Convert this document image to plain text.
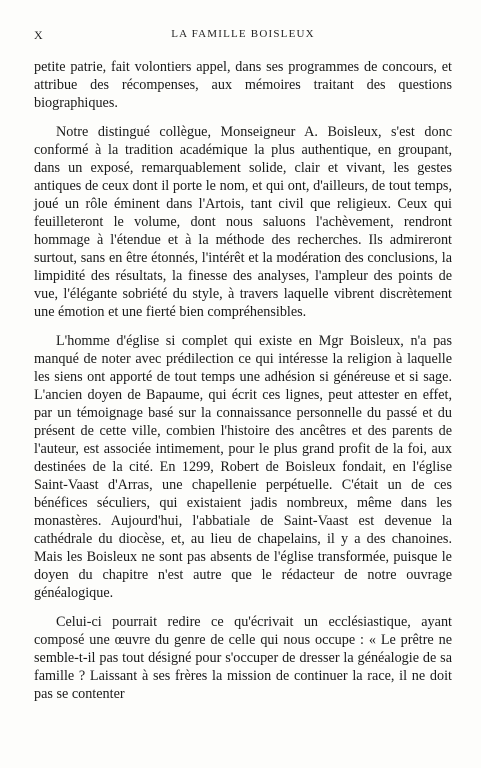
X	LA FAMILLE BOISLEUX

petite patrie, fait volontiers appel, dans ses programmes de concours, et attribue des récompenses, aux mémoires traitant des questions biographiques.

Notre distingué collègue, Monseigneur A. Boisleux, s'est donc conformé à la tradition académique la plus authentique, en groupant, dans un exposé, remarquablement solide, clair et vivant, les gestes antiques de ceux dont il porte le nom, et qui ont, d'ailleurs, de tout temps, joué un rôle éminent dans l'Artois, tant civil que religieux. Ceux qui feuilleteront le volume, dont nous saluons l'achèvement, rendront hommage à l'étendue et à la méthode des recherches. Ils admireront surtout, sans en être étonnés, l'intérêt et la modération des conclusions, la limpidité des résultats, la finesse des analyses, l'ampleur des points de vue, l'élégante sobriété du style, à travers laquelle vibrent discrètement une émotion et une fierté bien compréhensibles.

L'homme d'église si complet qui existe en Mgr Boisleux, n'a pas manqué de noter avec prédilection ce qui intéresse la religion à laquelle les siens ont apporté de tout temps une adhésion si généreuse et si sage. L'ancien doyen de Bapaume, qui écrit ces lignes, peut attester en effet, par un témoignage basé sur la connaissance personnelle du passé et du présent de cette ville, combien l'histoire des ancêtres et des parents de l'auteur, est associée intimement, pour le plus grand profit de la foi, aux destinées de la cité. En 1299, Robert de Boisleux fondait, en l'église Saint-Vaast d'Arras, une chapellenie perpétuelle. C'était un de ces bénéfices séculiers, qui existaient jadis nombreux, même dans les monastères. Aujourd'hui, l'abbatiale de Saint-Vaast est devenue la cathédrale du diocèse, et, au lieu de chapelains, il y a des chanoines. Mais les Boisleux ne sont pas absents de l'église transformée, puisque le doyen du chapitre n'est autre que le rédacteur de notre ouvrage généalogique.

Celui-ci pourrait redire ce qu'écrivait un ecclésiastique, ayant composé une œuvre du genre de celle qui nous occupe : « Le prêtre ne semble-t-il pas tout désigné pour s'occuper de dresser la généalogie de sa famille ? Laissant à ses frères la mission de continuer la race, il ne doit pas se contenter
